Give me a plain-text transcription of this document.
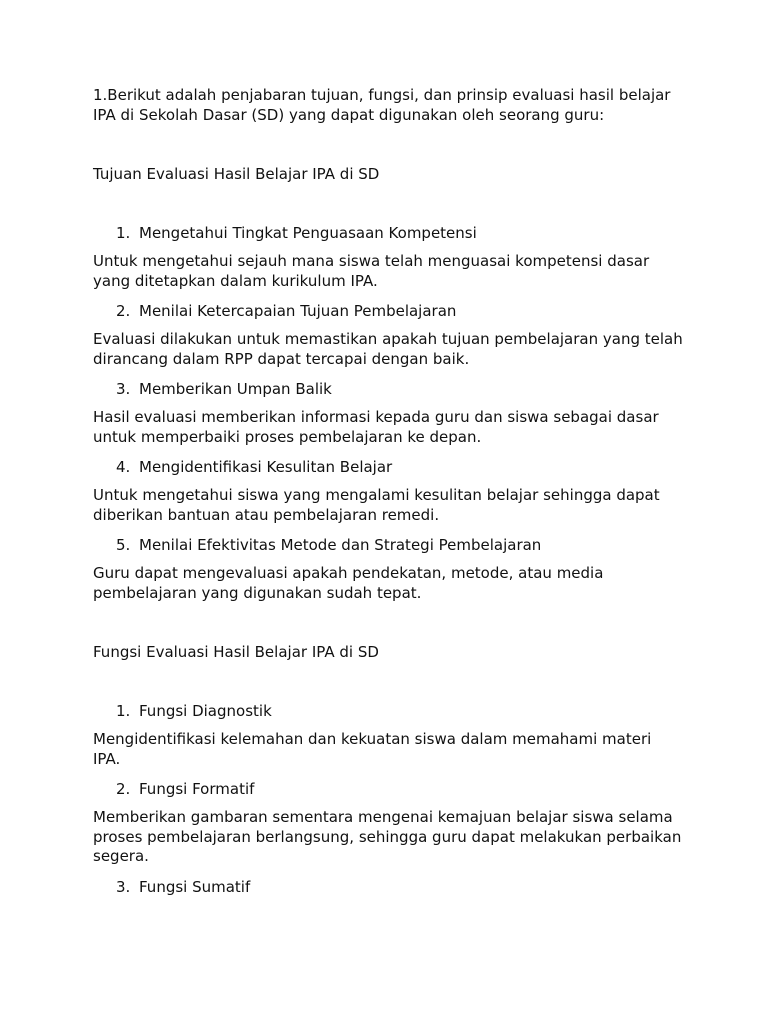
1.Berikut adalah penjabaran tujuan, fungsi, dan prinsip evaluasi hasil belajar IPA di Sekolah Dasar (SD) yang dapat digunakan oleh seorang guru:

Tujuan Evaluasi Hasil Belajar IPA di SD

1. Mengetahui Tingkat Penguasaan Kompetensi

Untuk mengetahui sejauh mana siswa telah menguasai kompetensi dasar yang ditetapkan dalam kurikulum IPA.

2. Menilai Ketercapaian Tujuan Pembelajaran

Evaluasi dilakukan untuk memastikan apakah tujuan pembelajaran yang telah dirancang dalam RPP dapat tercapai dengan baik.

3. Memberikan Umpan Balik

Hasil evaluasi memberikan informasi kepada guru dan siswa sebagai dasar untuk memperbaiki proses pembelajaran ke depan.

4. Mengidentifikasi Kesulitan Belajar

Untuk mengetahui siswa yang mengalami kesulitan belajar sehingga dapat diberikan bantuan atau pembelajaran remedi.

5. Menilai Efektivitas Metode dan Strategi Pembelajaran

Guru dapat mengevaluasi apakah pendekatan, metode, atau media pembelajaran yang digunakan sudah tepat.

Fungsi Evaluasi Hasil Belajar IPA di SD

1. Fungsi Diagnostik

Mengidentifikasi kelemahan dan kekuatan siswa dalam memahami materi IPA.

2. Fungsi Formatif

Memberikan gambaran sementara mengenai kemajuan belajar siswa selama proses pembelajaran berlangsung, sehingga guru dapat melakukan perbaikan segera.

3. Fungsi Sumatif
